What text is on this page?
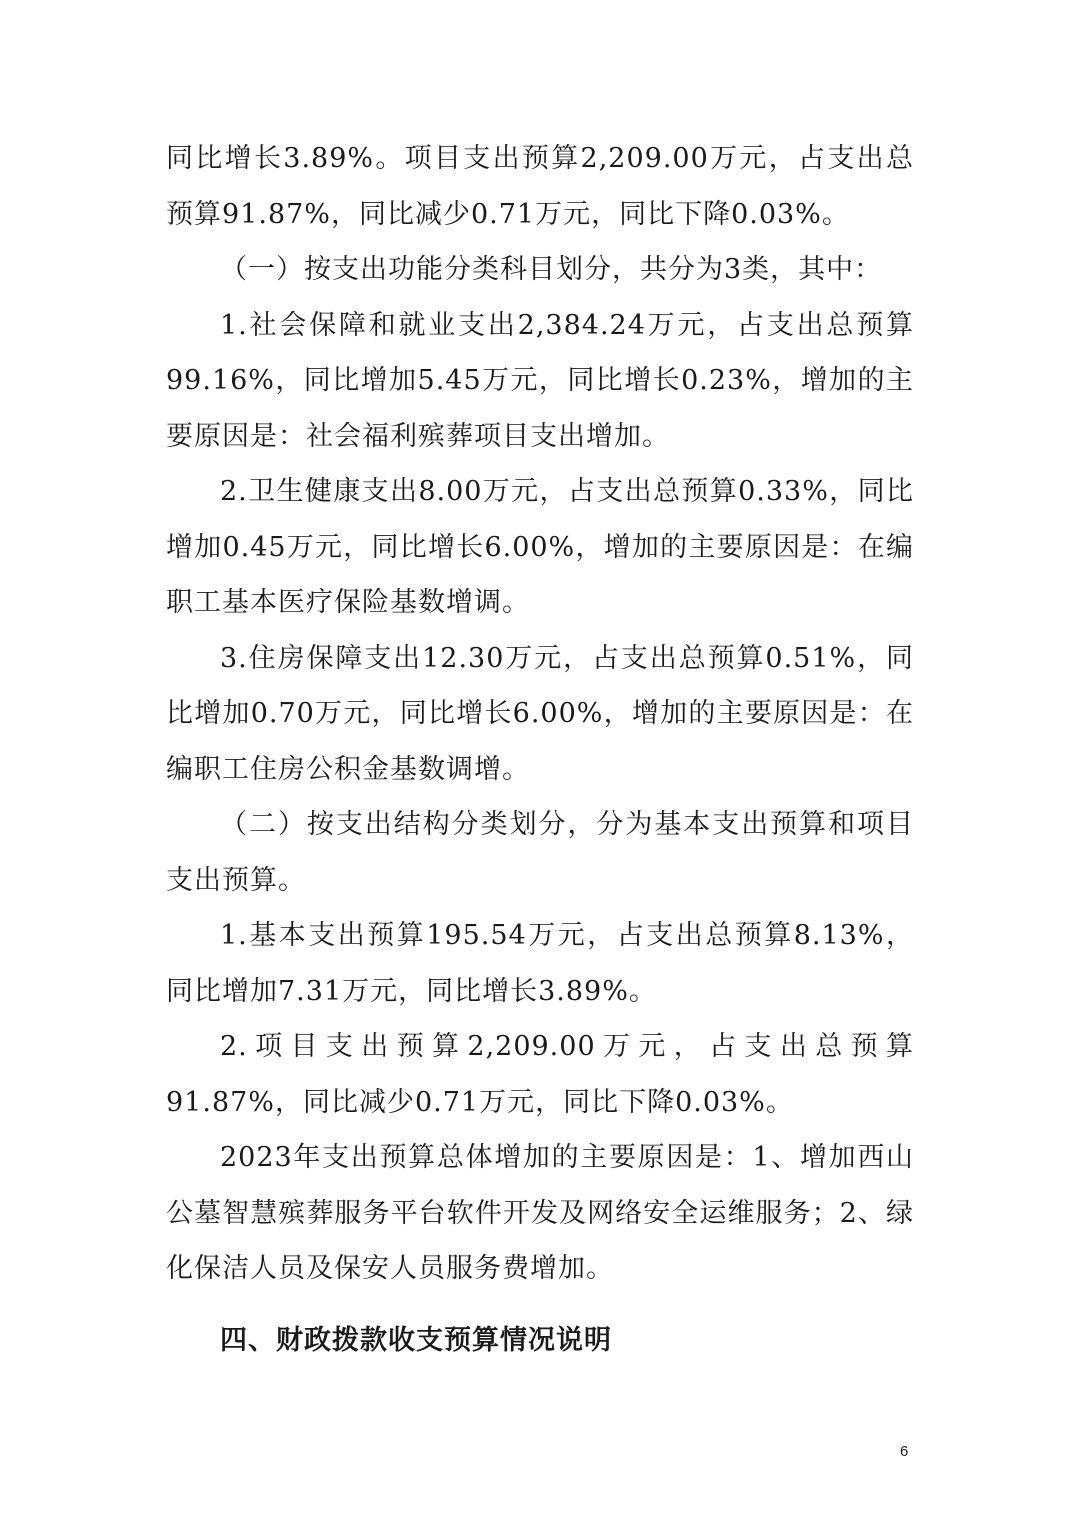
同比增长3.89%。项目支出预算2,209.00万元，占支出总预算91.87%，同比减少0.71万元，同比下降0.03%。

（一）按支出功能分类科目划分，共分为3类，其中：

1.社会保障和就业支出2,384.24万元，占支出总预算99.16%，同比增加5.45万元，同比增长0.23%，增加的主要原因是：社会福利殡葬项目支出增加。

2.卫生健康支出8.00万元，占支出总预算0.33%，同比增加0.45万元，同比增长6.00%，增加的主要原因是：在编职工基本医疗保险基数增调。

3.住房保障支出12.30万元，占支出总预算0.51%，同比增加0.70万元，同比增长6.00%，增加的主要原因是：在编职工住房公积金基数调增。

（二）按支出结构分类划分，分为基本支出预算和项目支出预算。

1.基本支出预算195.54万元，占支出总预算8.13%，同比增加7.31万元，同比增长3.89%。

2.项目支出预算2,209.00万元，占支出总预算91.87%，同比减少0.71万元，同比下降0.03%。

2023年支出预算总体增加的主要原因是：1、增加西山公墓智慧殡葬服务平台软件开发及网络安全运维服务；2、绿化保洁人员及保安人员服务费增加。

四、财政拨款收支预算情况说明
6
